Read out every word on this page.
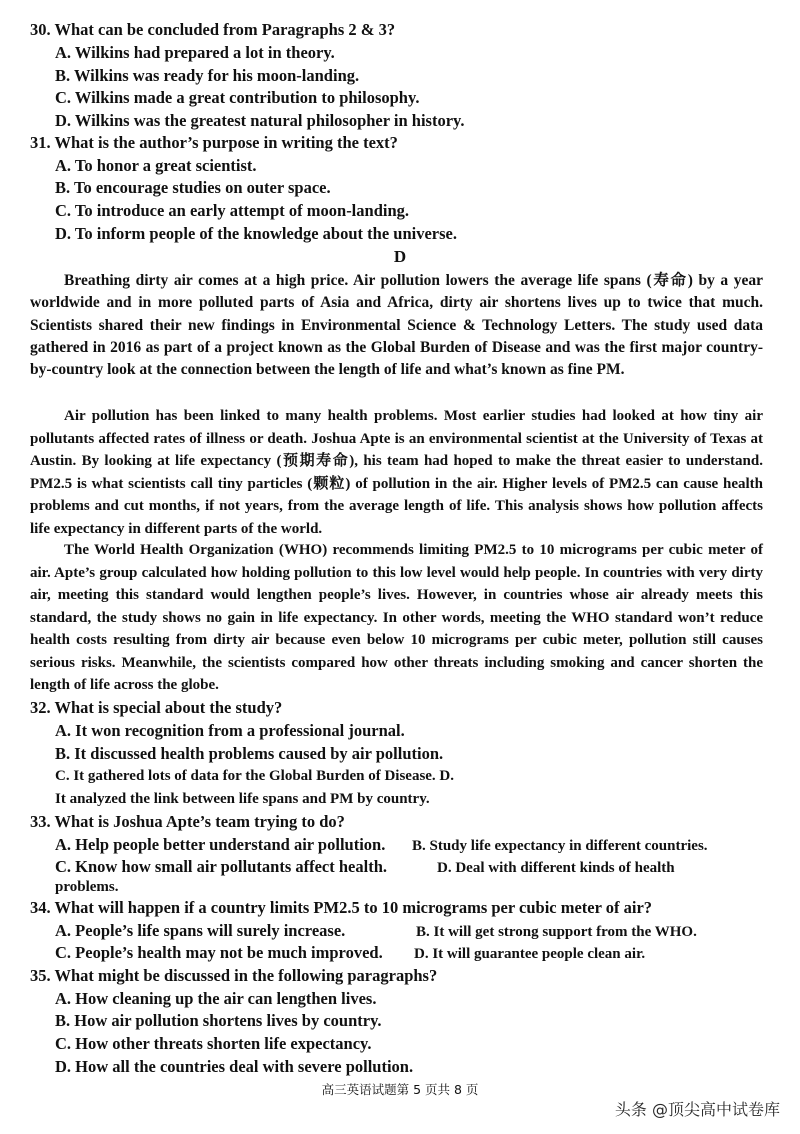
30. What can be concluded from Paragraphs 2 & 3?
A. Wilkins had prepared a lot in theory.
B. Wilkins was ready for his moon-landing.
C. Wilkins made a great contribution to philosophy.
D. Wilkins was the greatest natural philosopher in history.
31. What is the author’s purpose in writing the text?
A. To honor a great scientist.
B. To encourage studies on outer space.
C. To introduce an early attempt of moon-landing.
D. To inform people of the knowledge about the universe.
D
Breathing dirty air comes at a high price. Air pollution lowers the average life spans (寿命) by a year worldwide and in more polluted parts of Asia and Africa, dirty air shortens lives up to twice that much. Scientists shared their new findings in Environmental Science & Technology Letters. The study used data gathered in 2016 as part of a project known as the Global Burden of Disease and was the first major country-by-country look at the connection between the length of life and what’s known as fine PM.
Air pollution has been linked to many health problems. Most earlier studies had looked at how tiny air pollutants affected rates of illness or death. Joshua Apte is an environmental scientist at the University of Texas at Austin. By looking at life expectancy (预期寿命), his team had hoped to make the threat easier to understand. PM2.5 is what scientists call tiny particles (颗粒) of pollution in the air. Higher levels of PM2.5 can cause health problems and cut months, if not years, from the average length of life. This analysis shows how pollution affects life expectancy in different parts of the world.
The World Health Organization (WHO) recommends limiting PM2.5 to 10 micrograms per cubic meter of air. Apte’s group calculated how holding pollution to this low level would help people. In countries with very dirty air, meeting this standard would lengthen people’s lives. However, in countries whose air already meets this standard, the study shows no gain in life expectancy. In other words, meeting the WHO standard won’t reduce health costs resulting from dirty air because even below 10 micrograms per cubic meter, pollution still causes serious risks. Meanwhile, the scientists compared how other threats including smoking and cancer shorten the length of life across the globe.
32. What is special about the study?
A. It won recognition from a professional journal.
B. It discussed health problems caused by air pollution.
C. It gathered lots of data for the Global Burden of Disease. D.
It analyzed the link between life spans and PM by country.
33. What is Joshua Apte’s team trying to do?
A. Help people better understand air pollution. B. Study life expectancy in different countries.
C. Know how small air pollutants affect health.	D. Deal with different kinds of health
problems.
34. What will happen if a country limits PM2.5 to 10 micrograms per cubic meter of air?
A. People’s life spans will surely increase.	B. It will get strong support from the WHO.
C. People’s health may not be much improved. D. It will guarantee people clean air.
35. What might be discussed in the following paragraphs?
A. How cleaning up the air can lengthen lives.
B. How air pollution shortens lives by country.
C. How other threats shorten life expectancy.
D. How all the countries deal with severe pollution.
高三英语试题第 5 页共 8 页
头条 @顶尖高中试卷库
